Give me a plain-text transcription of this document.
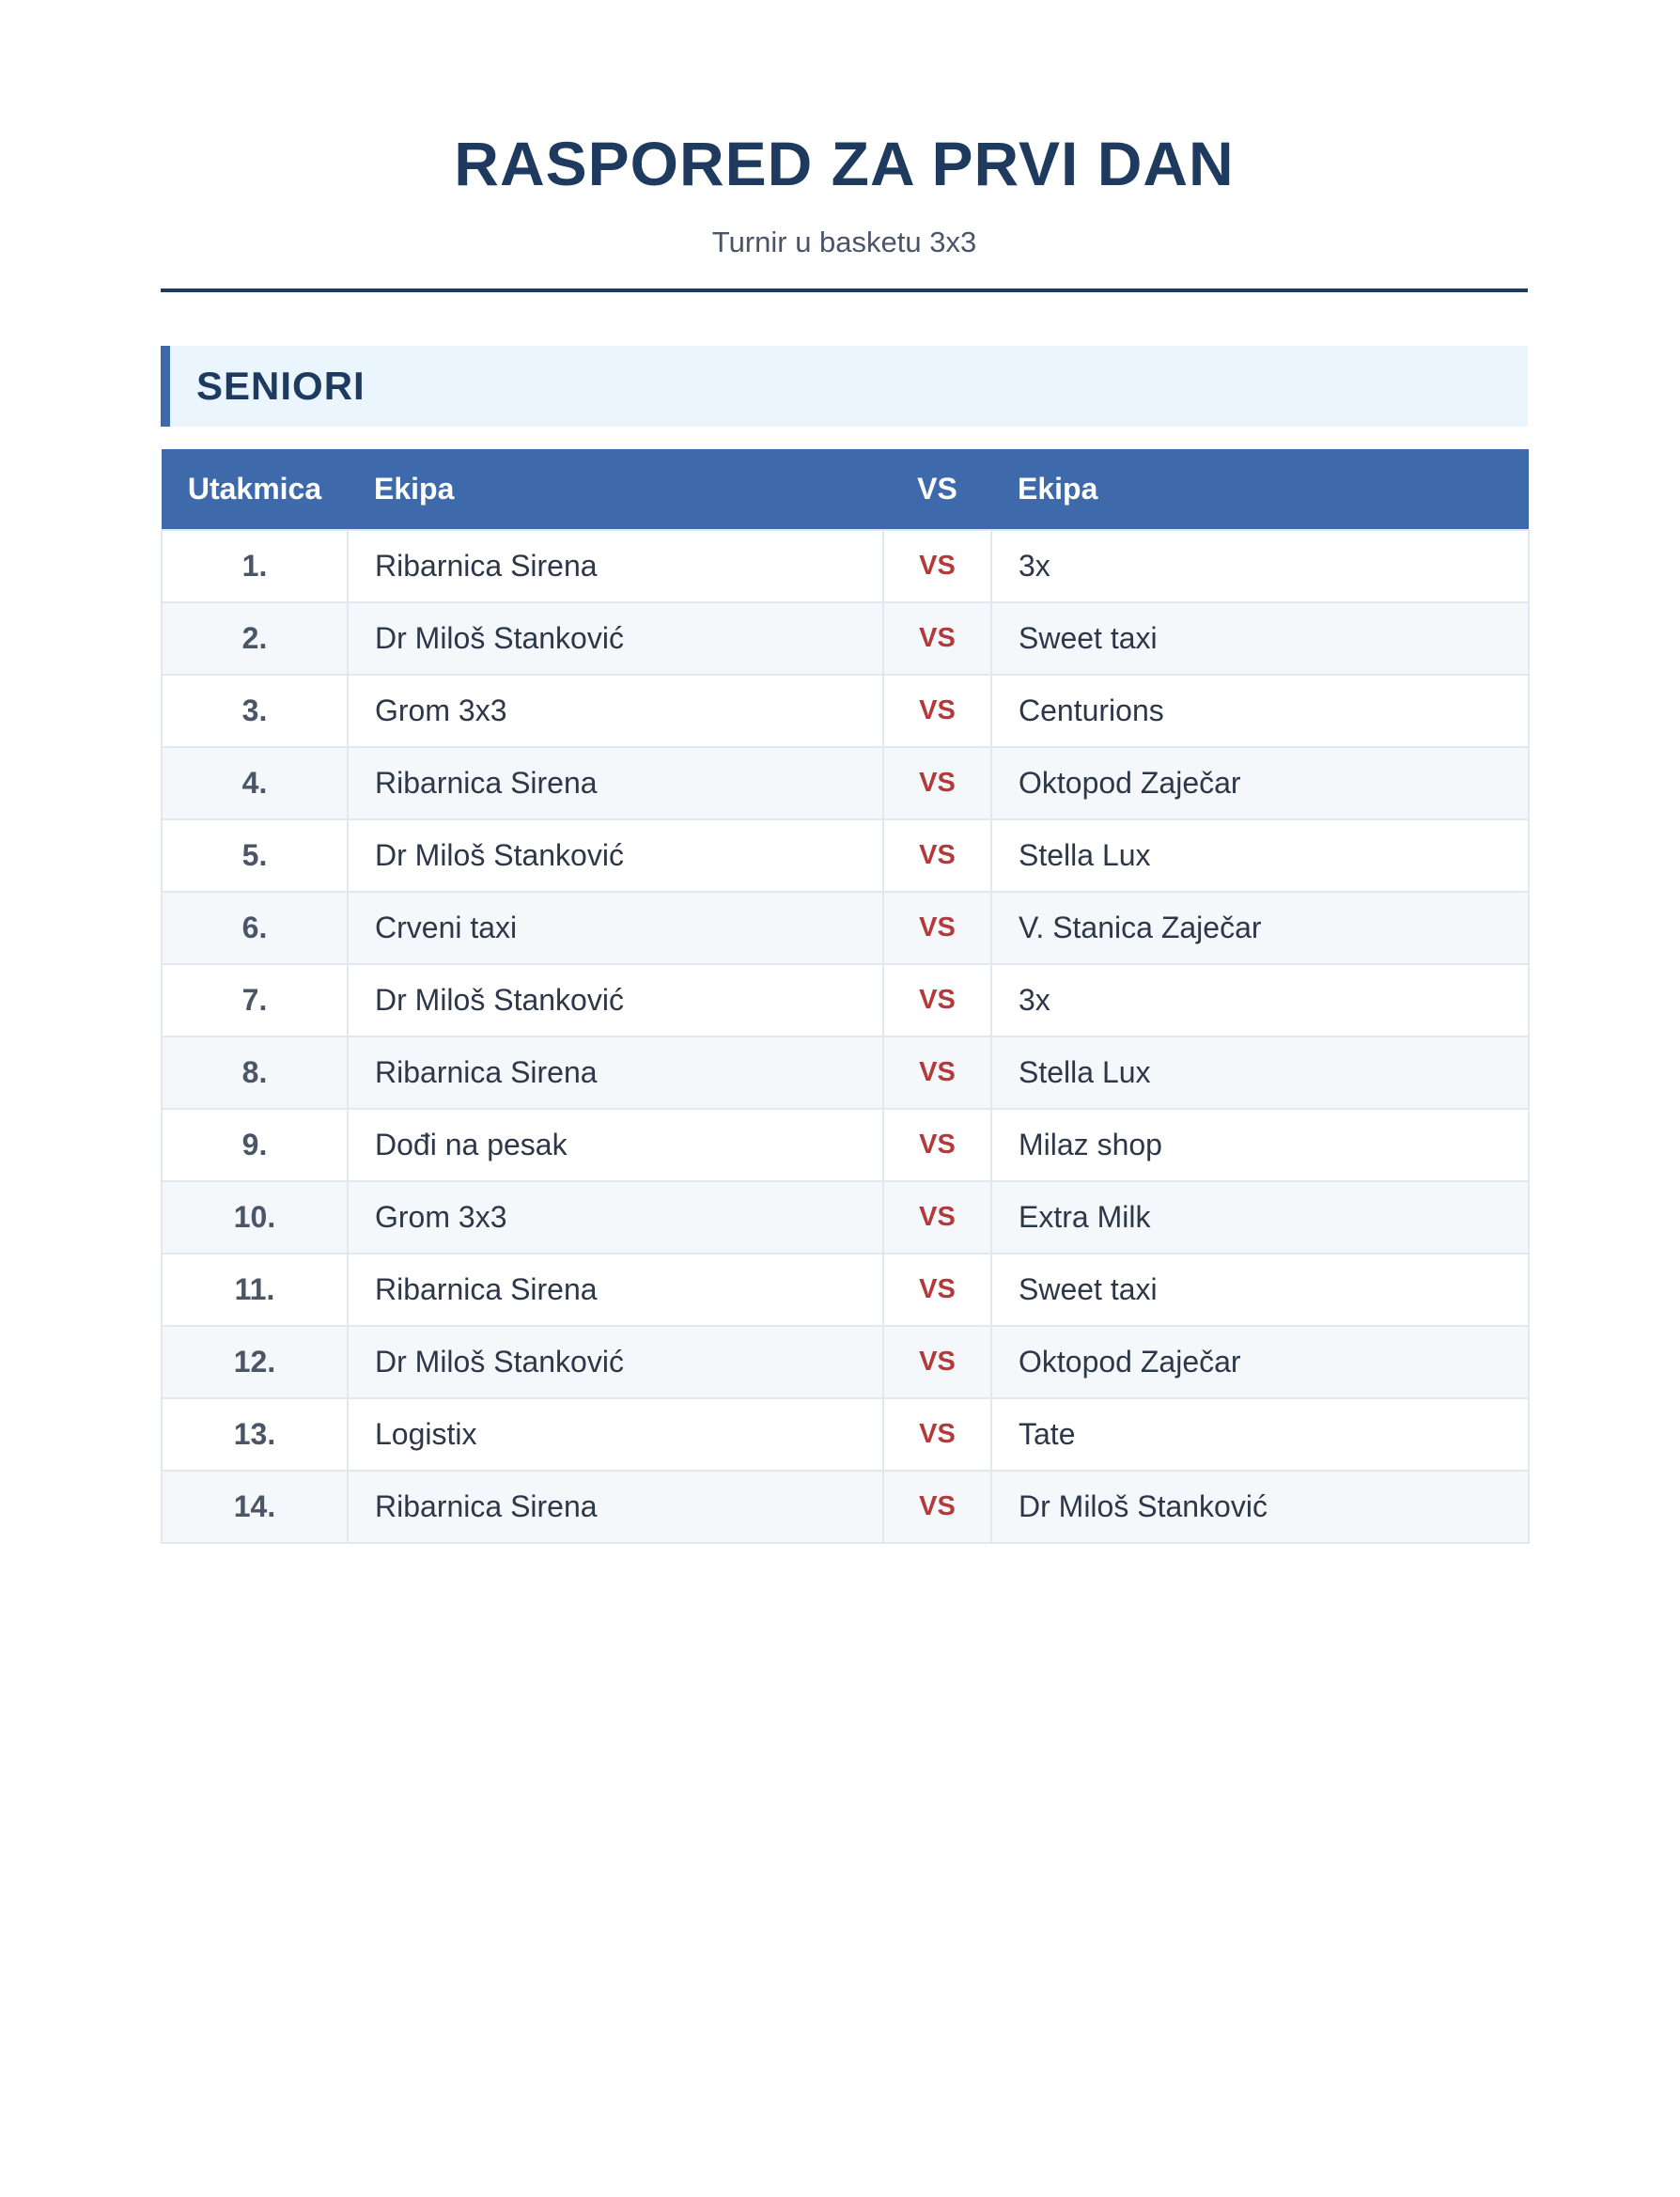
RASPORED ZA PRVI DAN
Turnir u basketu 3x3
SENIORI
Utakmica	Ekipa	VS	Ekipa
1.	Ribarnica Sirena	VS	3x
2.	Dr Miloš Stanković	VS	Sweet taxi
3.	Grom 3x3	VS	Centurions
4.	Ribarnica Sirena	VS	Oktopod Zaječar
5.	Dr Miloš Stanković	VS	Stella Lux
6.	Crveni taxi	VS	V. Stanica Zaječar
7.	Dr Miloš Stanković	VS	3x
8.	Ribarnica Sirena	VS	Stella Lux
9.	Dođi na pesak	VS	Milaz shop
10.	Grom 3x3	VS	Extra Milk
11.	Ribarnica Sirena	VS	Sweet taxi
12.	Dr Miloš Stanković	VS	Oktopod Zaječar
13.	Logistix	VS	Tate
14.	Ribarnica Sirena	VS	Dr Miloš Stanković
